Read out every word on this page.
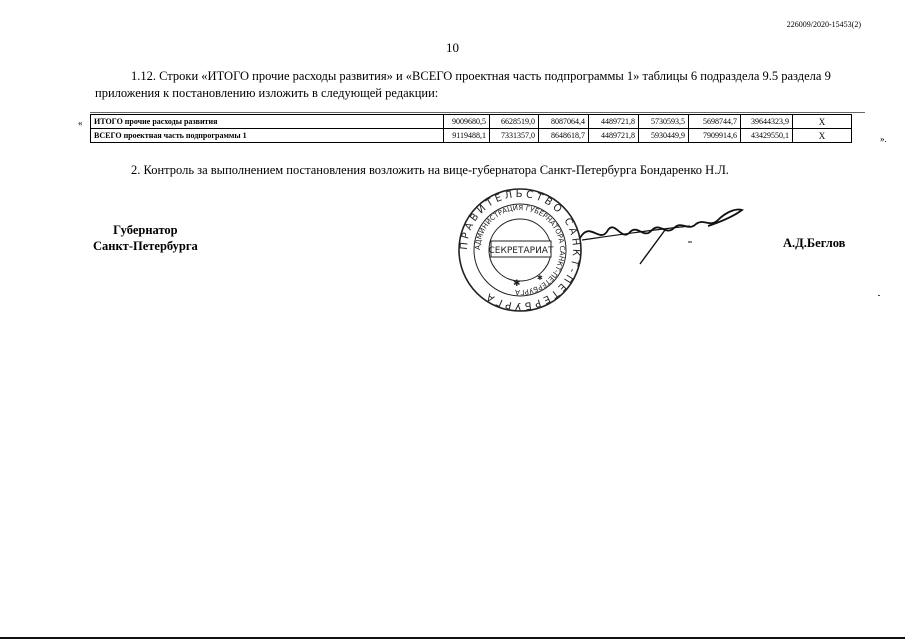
226009/2020-15453(2)
10
1.12. Строки «ИТОГО прочие расходы развития» и «ВСЕГО проектная часть подпрограммы 1» таблицы 6 подраздела 9.5 раздела 9 приложения к постановлению изложить в следующей редакции:
« ИТОГО прочие расходы развития	9009680,5	6628519,0	8087064,4	4489721,8	5730593,5	5698744,7	39644323,9	Х
ВСЕГО проектная часть подпрограммы 1	9119488,1	7331357,0	8648618,7	4489721,8	5930449,9	7909914,6	43429550,1	Х	».
2. Контроль за выполнением постановления возложить на вице-губернатора Санкт-Петербурга Бондаренко Н.Л.
Губернатор
Санкт-Петербурга	ПРАВИТЕЛЬСТВО САНКТ-ПЕТЕРБУРГА
АДМИНИСТРАЦИЯ ГУБЕРНАТОРА САНКТ-ПЕТЕРБУРГА
СЕКРЕТАРИАТ
✱
✱
А.Д.Беглов
